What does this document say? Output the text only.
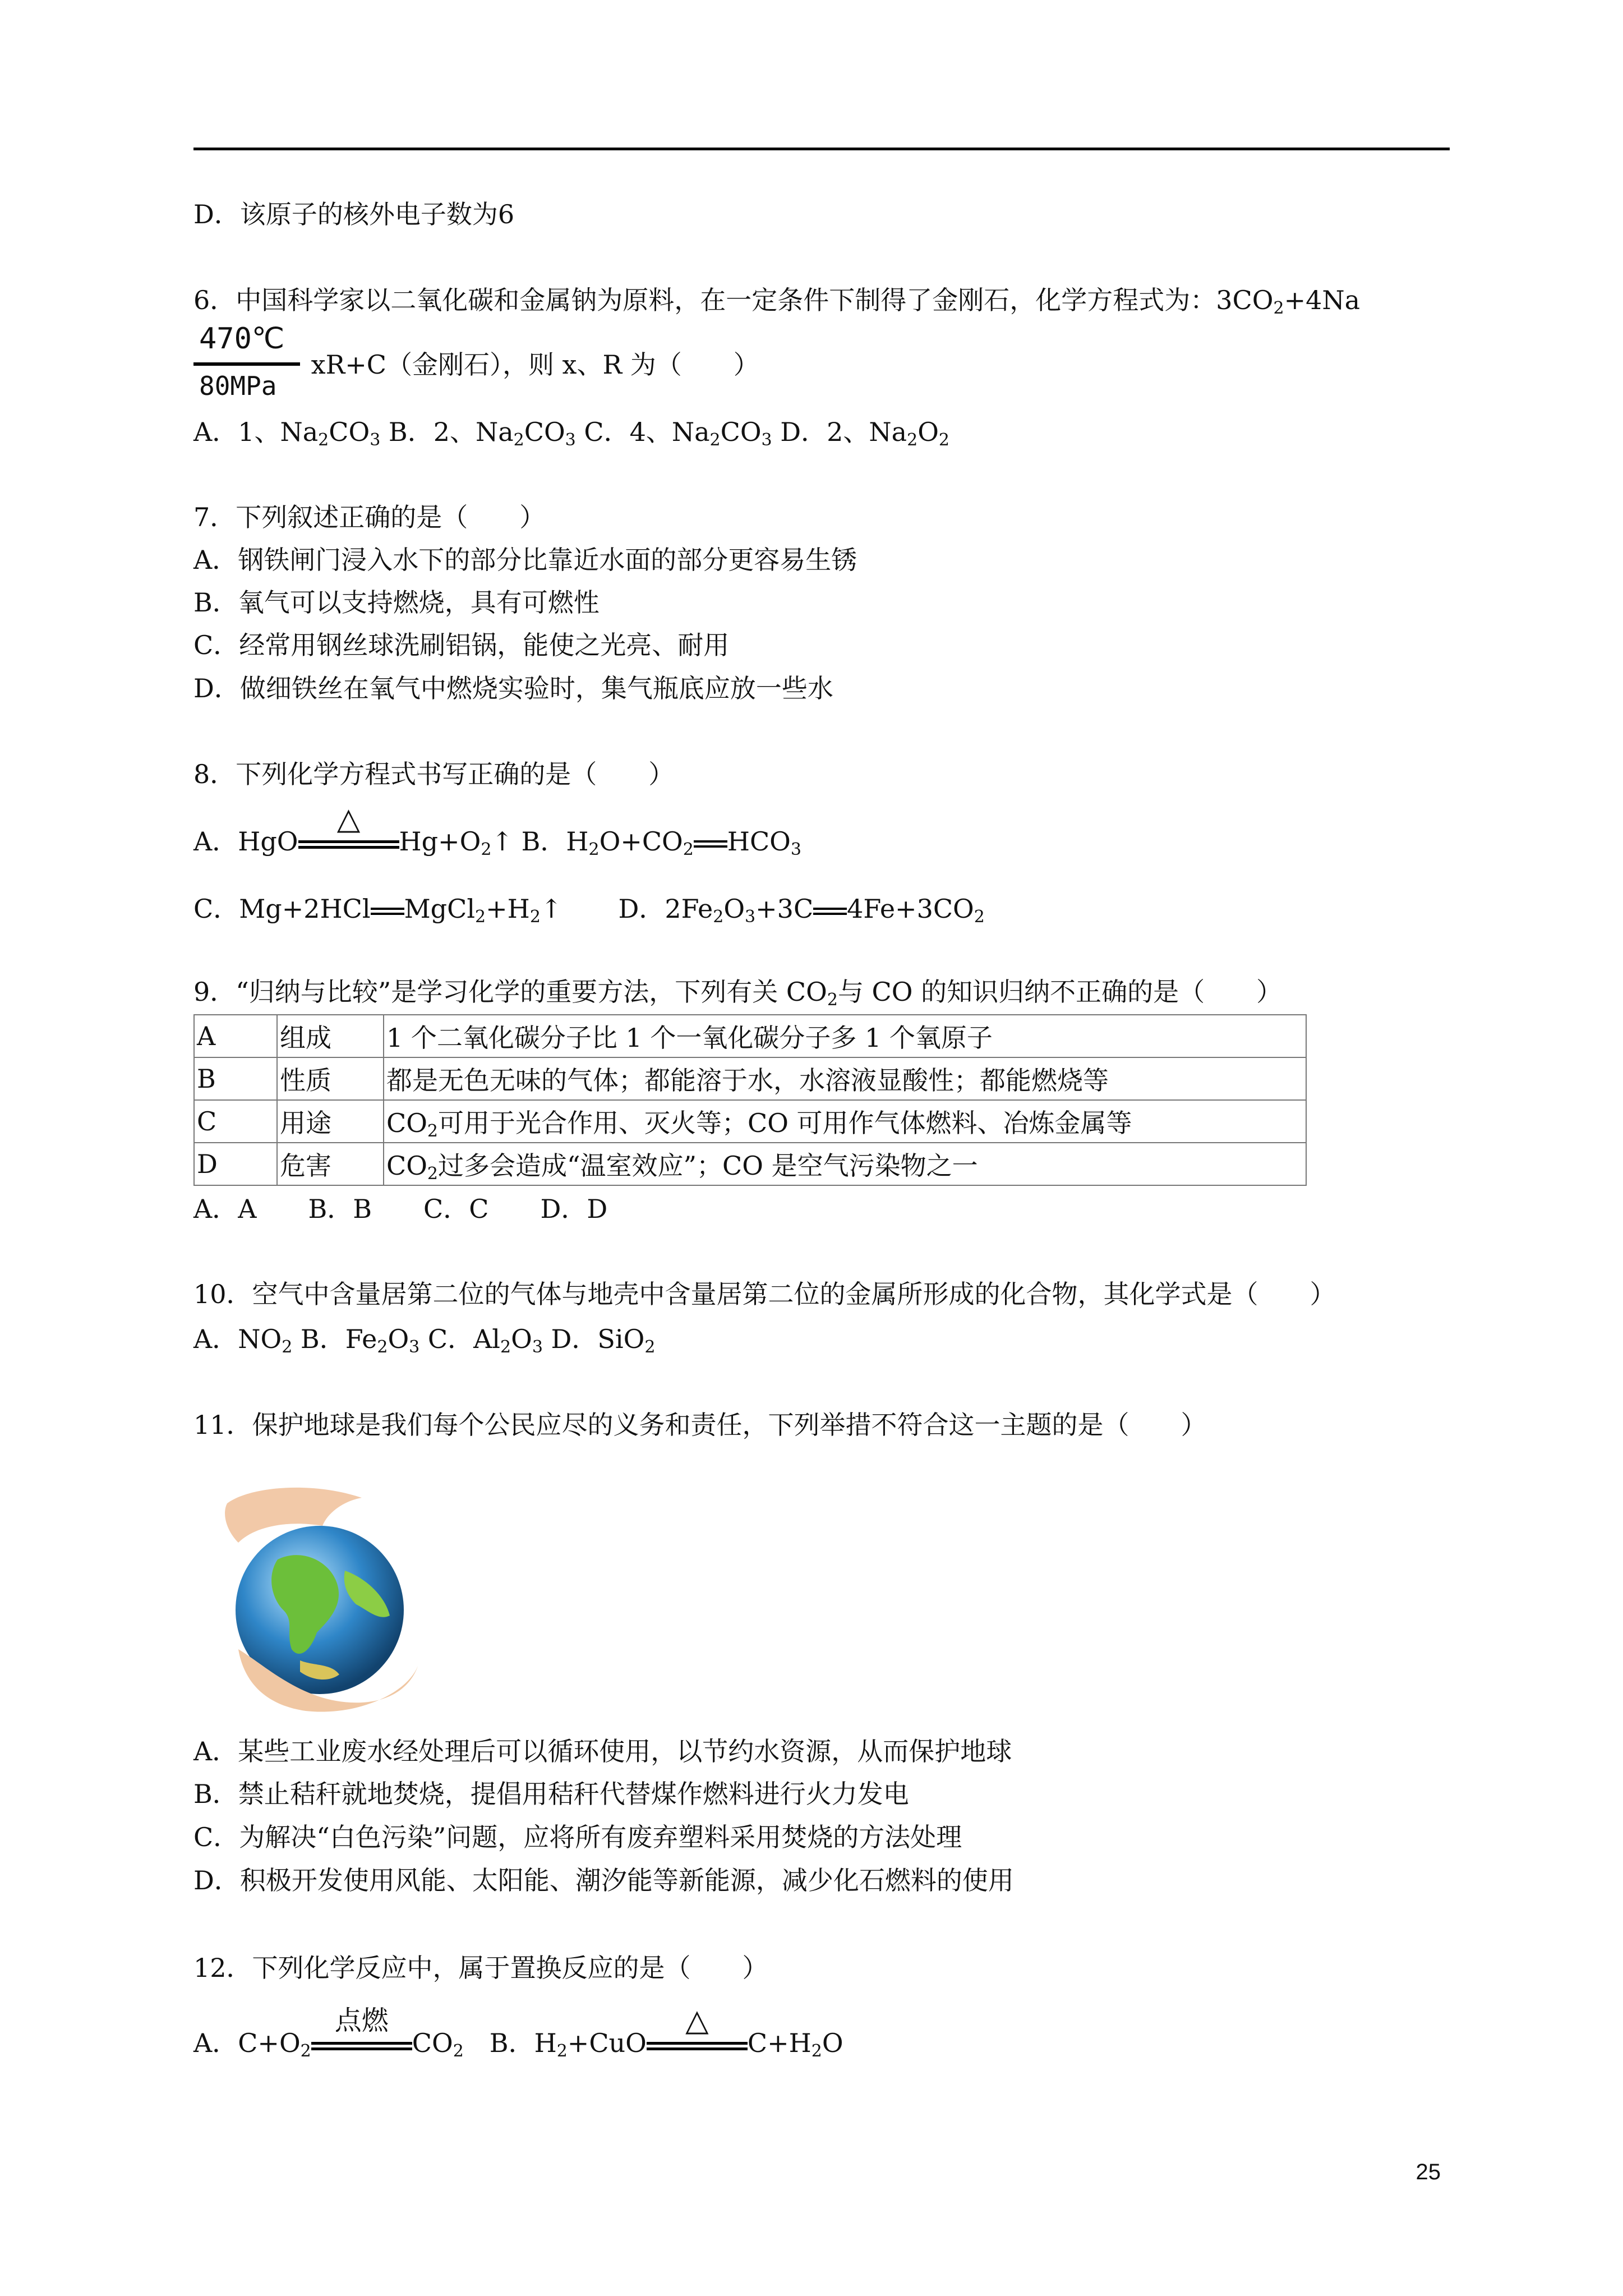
D．该原子的核外电子数为6
6．中国科学家以二氧化碳和金属钠为原料，在一定条件下制得了金刚石，化学方程式为：$3CO_2+4Na$
470℃
80MPa
xR+C（金刚石），则 x、R 为（　　）
A．1、$Na_2CO_3$ B．2、$Na_2CO_3$ C．4、$Na_2CO_3$ D．2、$Na_2O_2$
7．下列叙述正确的是（　　）
A．钢铁闸门浸入水下的部分比靠近水面的部分更容易生锈
B．氧气可以支持燃烧，具有可燃性
C．经常用钢丝球洗刷铝锅，能使之光亮、耐用
D．做细铁丝在氧气中燃烧实验时，集气瓶底应放一些水
8．下列化学方程式书写正确的是（　　）
A．HgO
△
$Hg+O_2↑$ B．$H_2O+CO_2$ $HCO_3$
C．Mg+2HCl $MgCl_2+H_2↑$ D．$2Fe_2O_3+3C$ $4Fe+3CO_2$
9．“归纳与比较”是学习化学的重要方法，下列有关 $CO_2$与 CO 的知识归纳不正确的是（　　）
A	组成	1 个二氧化碳分子比 1 个一氧化碳分子多 1 个氧原子
B	性质	都是无色无味的气体；都能溶于水，水溶液显酸性；都能燃烧等
C	用途	$CO_2$可用于光合作用、灭火等；CO 可用作气体燃料、冶炼金属等
D	危害	$CO_2$过多会造成“温室效应”；CO 是空气污染物之一
A．A　　B．B　　C．C　　D．D
10．空气中含量居第二位的气体与地壳中含量居第二位的金属所形成的化合物，其化学式是（　　）
A．$NO_2$ B．$Fe_2O_3$ C．$Al_2O_3$ D．SiO$_2$
11．保护地球是我们每个公民应尽的义务和责任，下列举措不符合这一主题的是（　　）
A．某些工业废水经处理后可以循环使用，以节约水资源，从而保护地球
B．禁止秸秆就地焚烧，提倡用秸秆代替煤作燃料进行火力发电
C．为解决“白色污染”问题，应将所有废弃塑料采用焚烧的方法处理
D．积极开发使用风能、太阳能、潮汐能等新能源，减少化石燃料的使用
12．下列化学反应中，属于置换反应的是（　　）
A．$C+O_2$
点燃
$CO_2$　B．$H_2+CuO$
△
$C+H_2O$
25
